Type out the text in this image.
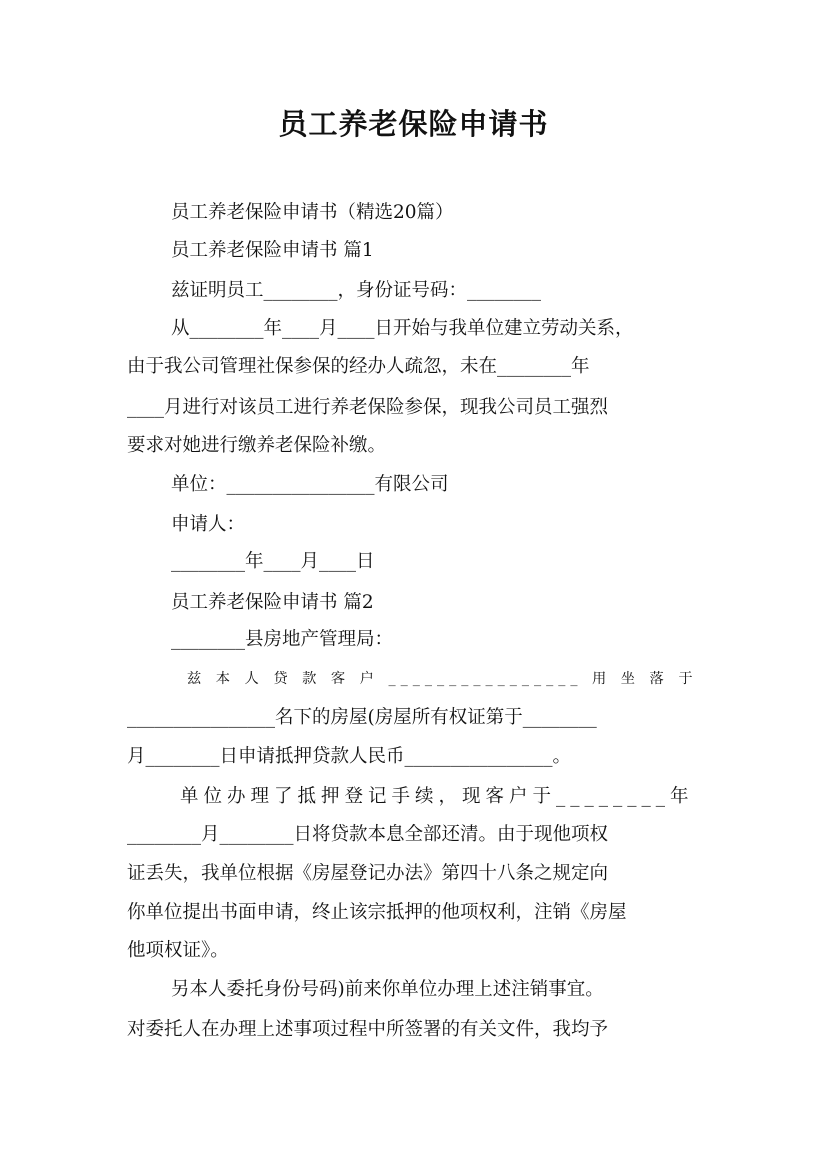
员工养老保险申请书
员工养老保险申请书（精选20篇）
员工养老保险申请书 篇1
兹证明员工________，身份证号码：________
从________年____月____日开始与我单位建立劳动关系，
由于我公司管理社保参保的经办人疏忽，未在________年
____月进行对该员工进行养老保险参保，现我公司员工强烈
要求对她进行缴养老保险补缴。
单位：________________有限公司
申请人：
________年____月____日
员工养老保险申请书 篇2
________县房地产管理局：
兹 本 人 贷 款 客 户 ________________ 用 坐 落 于
________________名下的房屋(房屋所有权证第于________
月________日申请抵押贷款人民币________________。
单位办理了抵押登记手续，现客户于________年
________月________日将贷款本息全部还清。由于现他项权
证丢失，我单位根据《房屋登记办法》第四十八条之规定向
你单位提出书面申请，终止该宗抵押的他项权利，注销《房屋
他项权证》。
另本人委托身份号码)前来你单位办理上述注销事宜。
对委托人在办理上述事项过程中所签署的有关文件，我均予
